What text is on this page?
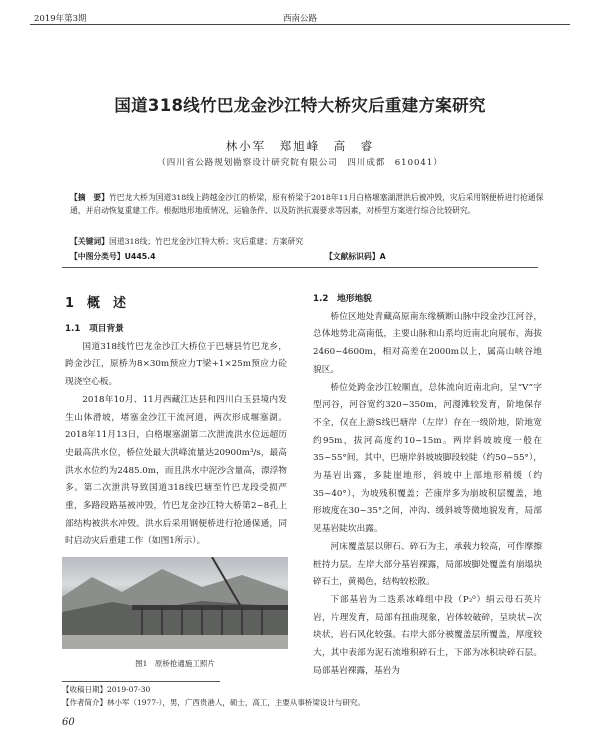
2019年第3期	西南公路
国道318线竹巴龙金沙江特大桥灾后重建方案研究
林小军　郑旭峰　高　睿
（四川省公路规划勘察设计研究院有限公司　四川成都　610041）
【摘　要】竹巴龙大桥为国道318线上跨越金沙江的桥梁，原有桥梁于2018年11月白格堰塞湖泄洪后被冲毁，灾后采用钢便桥进行抢通保通，并启动恢复重建工作。根据地形地质情况、运输条件、以及防洪抗震要求等因素，对桥型方案进行综合比较研究。
【关键词】国道318线；竹巴龙金沙江特大桥；灾后重建；方案研究
【中图分类号】U445.4	【文献标识码】A

1　概　述

1.1　项目背景

国道318线竹巴龙金沙江大桥位于巴塘县竹巴龙乡，跨金沙江，原桥为8×30m预应力T梁+1×25m预应力砼现浇空心板。

2018年10月、11月西藏江达县和四川白玉县境内发生山体滑坡，堵塞金沙江干流河道，两次形成堰塞湖。2018年11月13日，白格堰塞湖第二次泄流洪水位远超历史最高洪水位，桥位处最大洪峰流量达20900m³/s，最高洪水水位约为2485.0m，而且洪水中泥沙含量高，漂浮物多。第二次泄洪导致国道318线巴塘至竹巴龙段受损严重，多路段路基被冲毁，竹巴龙金沙江特大桥第2~8孔上部结构被洪水冲毁。洪水后采用钢便桥进行抢通保通，同时启动灾后重建工作（如图1所示）。

图1　原桥抢通施工照片

1.2　地形地貌

桥位区地处青藏高原南东缘横断山脉中段金沙江河谷，总体地势北高南低，主要山脉和山系均近南北向展布，海拔2460~4600m，相对高差在2000m以上，属高山峡谷地貌区。

桥位处跨金沙江较顺直，总体流向近南北向，呈“V”字型河谷，河谷宽约320~350m，河漫滩较发育，阶地保存不全，仅在上游S线巴塘岸（左岸）存在一级阶地，阶地宽约95m，拔河高度约10~15m。两岸斜坡坡度一般在35~55°间，其中，巴塘岸斜坡坡脚段较陡（约50~55°），为基岩出露，多陡崖地形，斜坡中上部地形稍缓（约35~40°），为坡残积覆盖；芒康岸多为崩坡积层覆盖，地形坡度在30~35°之间，冲沟、缓斜坡等微地貌发育，局部见基岩陡坎出露。

河床覆盖层以卵石、碎石为主，承载力较高，可作摩擦桩持力层。左岸大部分基岩裸露，局部坡脚处覆盖有崩塌块碎石土，黄褐色，结构较松散。

下部基岩为二迭系冰峰组中段（P₂⁰）绢云母石英片岩，片理发育，局部有扭曲现象，岩体较破碎，呈块状~次块状，岩石风化较强。右岸大部分被覆盖层所覆盖，厚度较大，其中表部为泥石流堆积碎石土，下部为冰积块碎石层。局部基岩裸露，基岩为

【收稿日期】2019-07-30
【作者简介】林小军（1977-），男，广西贵港人，硕士，高工，主要从事桥梁设计与研究。
60
